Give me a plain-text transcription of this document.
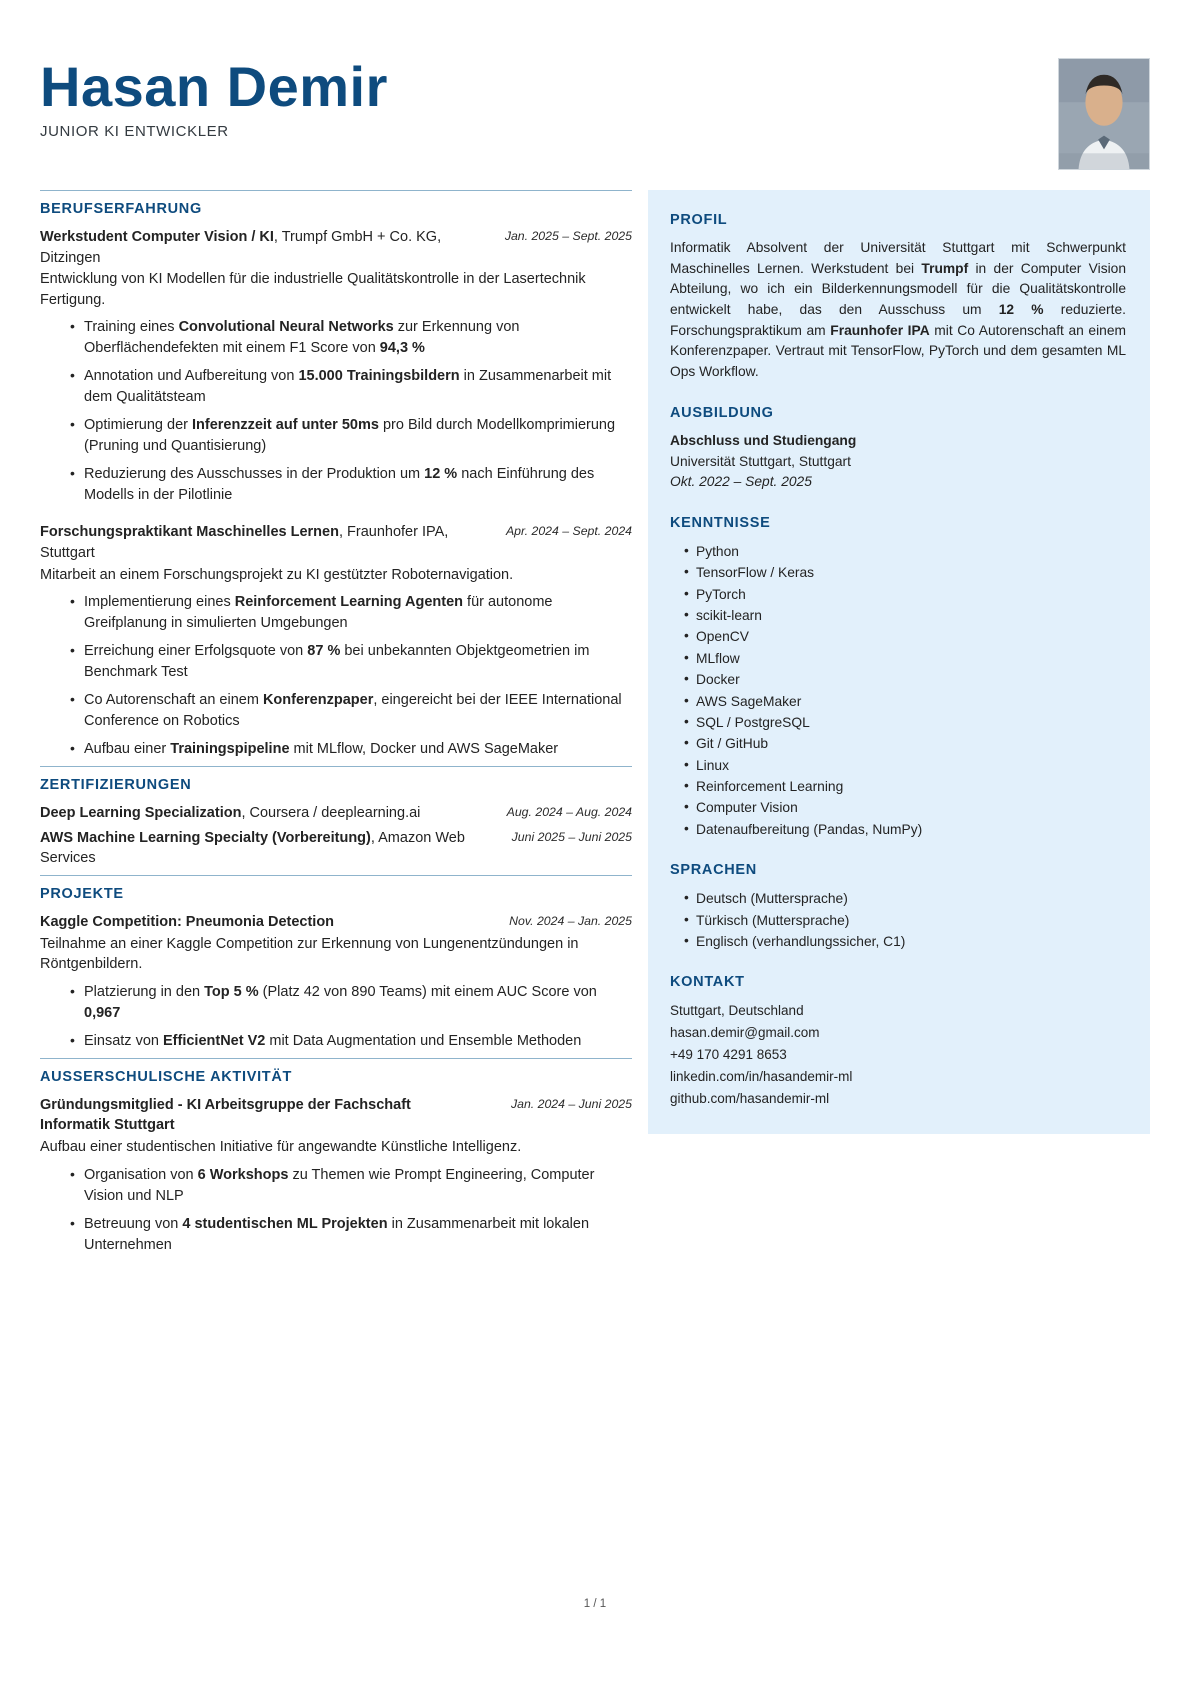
Hasan Demir
JUNIOR KI ENTWICKLER
BERUFSERFAHRUNG
Werkstudent Computer Vision / KI, Trumpf GmbH + Co. KG, Ditzingen
Jan. 2025 – Sept. 2025
Entwicklung von KI Modellen für die industrielle Qualitätskontrolle in der Lasertechnik Fertigung.
• Training eines Convolutional Neural Networks zur Erkennung von Oberflächendefekten mit einem F1 Score von 94,3 %
• Annotation und Aufbereitung von 15.000 Trainingsbildern in Zusammenarbeit mit dem Qualitätsteam
• Optimierung der Inferenzzeit auf unter 50ms pro Bild durch Modellkomprimierung (Pruning und Quantisierung)
• Reduzierung des Ausschusses in der Produktion um 12 % nach Einführung des Modells in der Pilotlinie
Forschungspraktikant Maschinelles Lernen, Fraunhofer IPA, Stuttgart
Apr. 2024 – Sept. 2024
Mitarbeit an einem Forschungsprojekt zu KI gestützter Roboternavigation.
• Implementierung eines Reinforcement Learning Agenten für autonome Greifplanung in simulierten Umgebungen
• Erreichung einer Erfolgsquote von 87 % bei unbekannten Objektgeometrien im Benchmark Test
• Co Autorenschaft an einem Konferenzpaper, eingereicht bei der IEEE International Conference on Robotics
• Aufbau einer Trainingspipeline mit MLflow, Docker und AWS SageMaker
ZERTIFIZIERUNGEN
Deep Learning Specialization, Coursera / deeplearning.ai	Aug. 2024 – Aug. 2024
AWS Machine Learning Specialty (Vorbereitung), Amazon Web Services
Juni 2025 – Juni 2025
PROJEKTE
Kaggle Competition: Pneumonia Detection	Nov. 2024 – Jan. 2025
Teilnahme an einer Kaggle Competition zur Erkennung von Lungenentzündungen in Röntgenbildern.
• Platzierung in den Top 5 % (Platz 42 von 890 Teams) mit einem AUC Score von 0,967
• Einsatz von EfficientNet V2 mit Data Augmentation und Ensemble Methoden
AUSSERSCHULISCHE AKTIVITÄT
Gründungsmitglied - KI Arbeitsgruppe der Fachschaft Informatik Stuttgart
Jan. 2024 – Juni 2025
Aufbau einer studentischen Initiative für angewandte Künstliche Intelligenz.
• Organisation von 6 Workshops zu Themen wie Prompt Engineering, Computer Vision und NLP
• Betreuung von 4 studentischen ML Projekten in Zusammenarbeit mit lokalen Unternehmen
PROFIL
Informatik Absolvent der Universität Stuttgart mit Schwerpunkt Maschinelles Lernen. Werkstudent bei Trumpf in der Computer Vision Abteilung, wo ich ein Bilderkennungsmodell für die Qualitätskontrolle entwickelt habe, das den Ausschuss um 12 % reduzierte. Forschungspraktikum am Fraunhofer IPA mit Co Autorenschaft an einem Konferenzpaper. Vertraut mit TensorFlow, PyTorch und dem gesamten ML Ops Workflow.
AUSBILDUNG
Abschluss und Studiengang
Universität Stuttgart, Stuttgart
Okt. 2022 – Sept. 2025
KENNTNISSE
• Python
• TensorFlow / Keras
• PyTorch
• scikit-learn
• OpenCV
• MLflow
• Docker
• AWS SageMaker
• SQL / PostgreSQL
• Git / GitHub
• Linux
• Reinforcement Learning
• Computer Vision
• Datenaufbereitung (Pandas, NumPy)
SPRACHEN
• Deutsch (Muttersprache)
• Türkisch (Muttersprache)
• Englisch (verhandlungssicher, C1)
KONTAKT
Stuttgart, Deutschland
hasan.demir@gmail.com
+49 170 4291 8653
linkedin.com/in/hasandemir-ml
github.com/hasandemir-ml
1 / 1
